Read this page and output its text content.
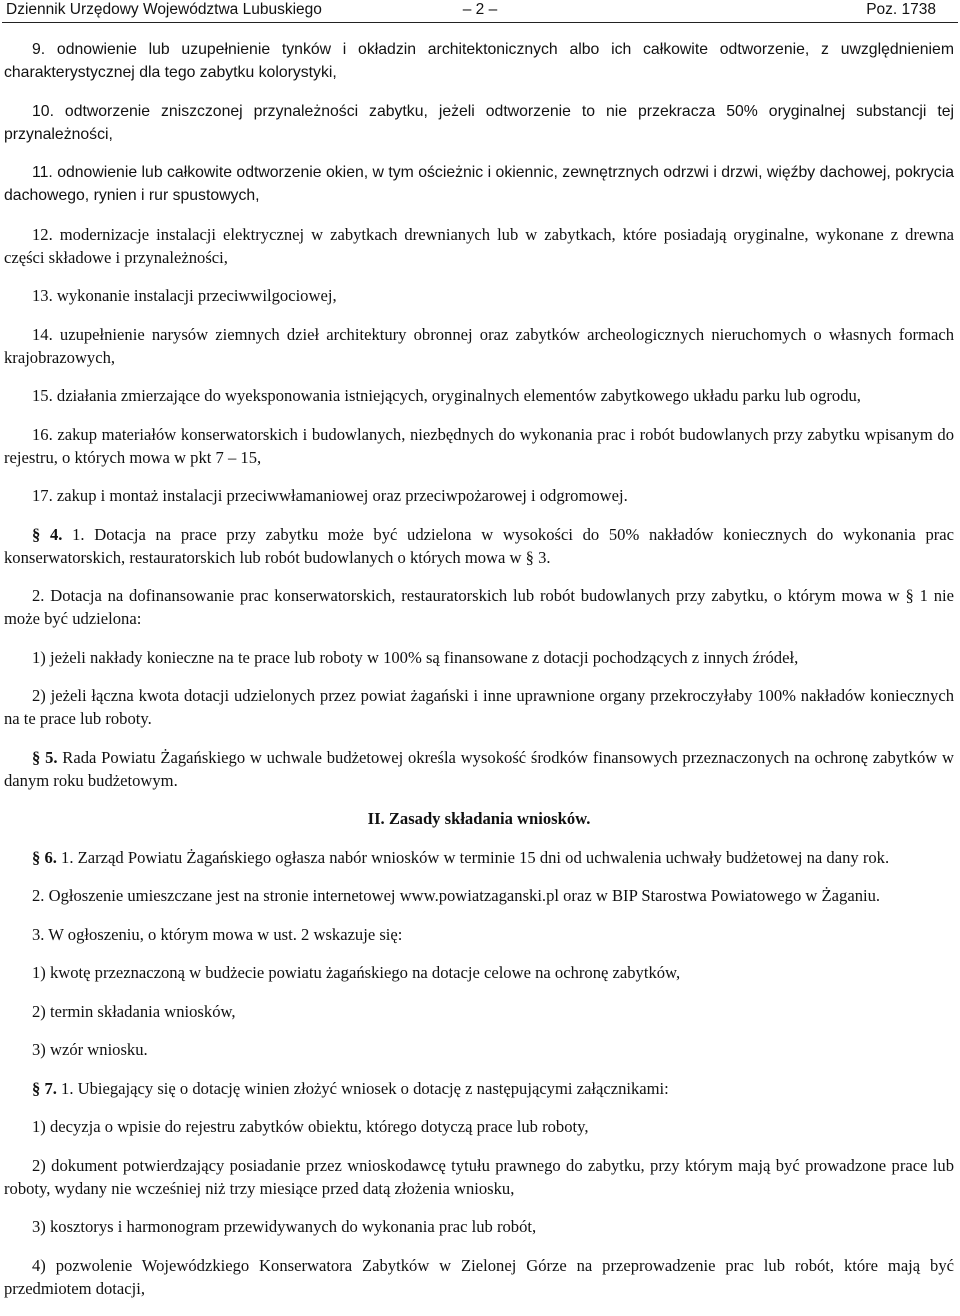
Dziennik Urzędowy Województwa Lubuskiego	– 2 –	Poz. 1738

9. odnowienie lub uzupełnienie tynków i okładzin architektonicznych albo ich całkowite odtworzenie, z uwzględnieniem charakterystycznej dla tego zabytku kolorystyki,

10. odtworzenie zniszczonej przynależności zabytku, jeżeli odtworzenie to nie przekracza 50% oryginalnej substancji tej przynależności,

11. odnowienie lub całkowite odtworzenie okien, w tym ościeżnic i okiennic, zewnętrznych odrzwi i drzwi, więźby dachowej, pokrycia dachowego, rynien i rur spustowych,

12. modernizacje instalacji elektrycznej w zabytkach drewnianych lub w zabytkach, które posiadają oryginalne, wykonane z drewna części składowe i przynależności,

13. wykonanie instalacji przeciwwilgociowej,

14. uzupełnienie narysów ziemnych dzieł architektury obronnej oraz zabytków archeologicznych nieruchomych o własnych formach krajobrazowych,

15. działania zmierzające do wyeksponowania istniejących, oryginalnych elementów zabytkowego układu parku lub ogrodu,

16. zakup materiałów konserwatorskich i budowlanych, niezbędnych do wykonania prac i robót budowlanych przy zabytku wpisanym do rejestru, o których mowa w pkt 7 – 15,

17. zakup i montaż instalacji przeciwwłamaniowej oraz przeciwpożarowej i odgromowej.

§ 4. 1. Dotacja na prace przy zabytku może być udzielona w wysokości do 50% nakładów koniecznych do wykonania prac konserwatorskich, restauratorskich lub robót budowlanych o których mowa w § 3.

2. Dotacja na dofinansowanie prac konserwatorskich, restauratorskich lub robót budowlanych przy zabytku, o którym mowa w § 1 nie może być udzielona:

1) jeżeli nakłady konieczne na te prace lub roboty w 100% są finansowane z dotacji pochodzących z innych źródeł,

2) jeżeli łączna kwota dotacji udzielonych przez powiat żagański i inne uprawnione organy przekroczyłaby 100% nakładów koniecznych na te prace lub roboty.

§ 5. Rada Powiatu Żagańskiego w uchwale budżetowej określa wysokość środków finansowych przeznaczonych na ochronę zabytków w danym roku budżetowym.

II. Zasady składania wniosków.

§ 6. 1. Zarząd Powiatu Żagańskiego ogłasza nabór wniosków w terminie 15 dni od uchwalenia uchwały budżetowej na dany rok.

2. Ogłoszenie umieszczane jest na stronie internetowej www.powiatzaganski.pl oraz w BIP Starostwa Powiatowego w Żaganiu.

3. W ogłoszeniu, o którym mowa w ust. 2 wskazuje się:

1) kwotę przeznaczoną w budżecie powiatu żagańskiego na dotacje celowe na ochronę zabytków,

2) termin składania wniosków,

3) wzór wniosku.

§ 7. 1. Ubiegający się o dotację winien złożyć wniosek o dotację z następującymi załącznikami:

1) decyzja o wpisie do rejestru zabytków obiektu, którego dotyczą prace lub roboty,

2) dokument potwierdzający posiadanie przez wnioskodawcę tytułu prawnego do zabytku, przy którym mają być prowadzone prace lub roboty, wydany nie wcześniej niż trzy miesiące przed datą złożenia wniosku,

3) kosztorys i harmonogram przewidywanych do wykonania prac lub robót,

4) pozwolenie Wojewódzkiego Konserwatora Zabytków w Zielonej Górze na przeprowadzenie prac lub robót, które mają być przedmiotem dotacji,
